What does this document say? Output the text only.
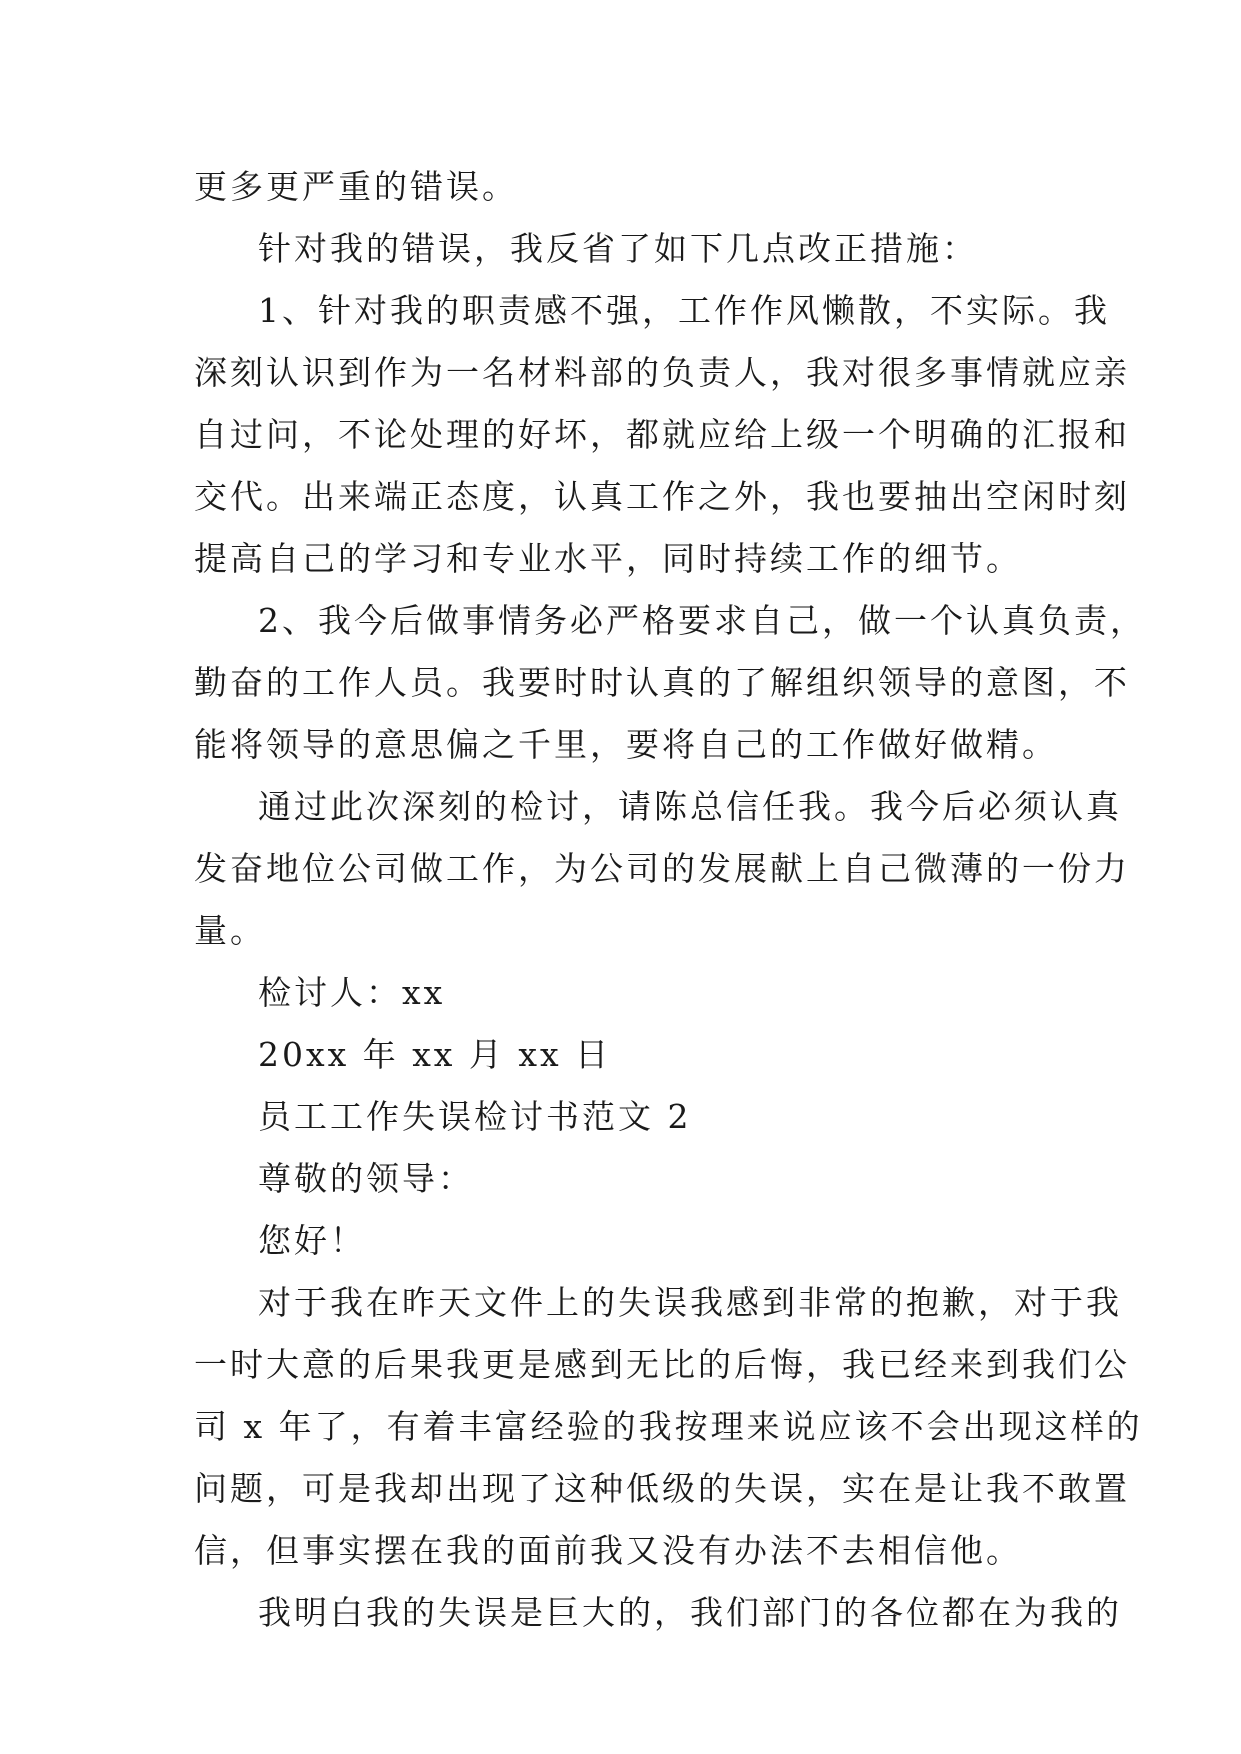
更多更严重的错误。
针对我的错误，我反省了如下几点改正措施：
1、针对我的职责感不强，工作作风懒散，不实际。我
深刻认识到作为一名材料部的负责人，我对很多事情就应亲
自过问，不论处理的好坏，都就应给上级一个明确的汇报和
交代。出来端正态度，认真工作之外，我也要抽出空闲时刻
提高自己的学习和专业水平，同时持续工作的细节。
2、我今后做事情务必严格要求自己，做一个认真负责，
勤奋的工作人员。我要时时认真的了解组织领导的意图，不
能将领导的意思偏之千里，要将自己的工作做好做精。
通过此次深刻的检讨，请陈总信任我。我今后必须认真
发奋地位公司做工作，为公司的发展献上自己微薄的一份力
量。
检讨人：xx
20xx 年 xx 月 xx 日
员工工作失误检讨书范文 2
尊敬的领导：
您好！
对于我在昨天文件上的失误我感到非常的抱歉，对于我
一时大意的后果我更是感到无比的后悔，我已经来到我们公
司 x 年了，有着丰富经验的我按理来说应该不会出现这样的
问题，可是我却出现了这种低级的失误，实在是让我不敢置
信，但事实摆在我的面前我又没有办法不去相信他。
我明白我的失误是巨大的，我们部门的各位都在为我的
